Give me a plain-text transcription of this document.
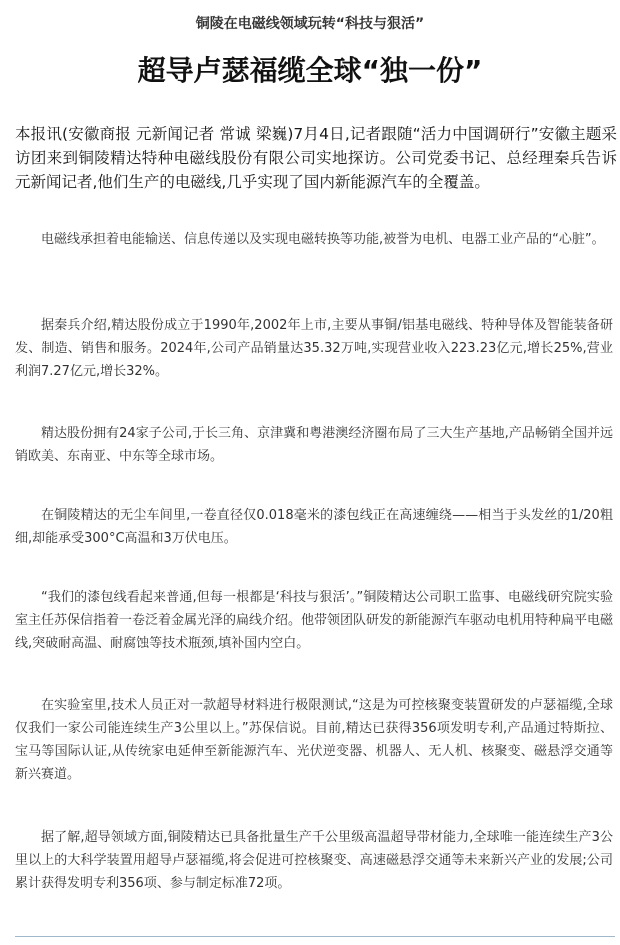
铜陵在电磁线领域玩转“科技与狠活”
超导卢瑟福缆全球“独一份”

本报讯(安徽商报 元新闻记者 常诚 梁巍)7月4日,记者跟随“活力中国调研行”安徽主题采访团来到铜陵精达特种电磁线股份有限公司实地探访。公司党委书记、总经理秦兵告诉元新闻记者,他们生产的电磁线,几乎实现了国内新能源汽车的全覆盖。

电磁线承担着电能输送、信息传递以及实现电磁转换等功能,被誉为电机、电器工业产品的“心脏”。

据秦兵介绍,精达股份成立于1990年,2002年上市,主要从事铜/铝基电磁线、特种导体及智能装备研发、制造、销售和服务。2024年,公司产品销量达35.32万吨,实现营业收入223.23亿元,增长25%,营业利润7.27亿元,增长32%。

精达股份拥有24家子公司,于长三角、京津冀和粤港澳经济圈布局了三大生产基地,产品畅销全国并远销欧美、东南亚、中东等全球市场。

在铜陵精达的无尘车间里,一卷直径仅0.018毫米的漆包线正在高速缠绕——相当于头发丝的1/20粗细,却能承受300°C高温和3万伏电压。

“我们的漆包线看起来普通,但每一根都是‘科技与狠活’。”铜陵精达公司职工监事、电磁线研究院实验室主任苏保信指着一卷泛着金属光泽的扁线介绍。他带领团队研发的新能源汽车驱动电机用特种扁平电磁线,突破耐高温、耐腐蚀等技术瓶颈,填补国内空白。

在实验室里,技术人员正对一款超导材料进行极限测试,“这是为可控核聚变装置研发的卢瑟福缆,全球仅我们一家公司能连续生产3公里以上。”苏保信说。目前,精达已获得356项发明专利,产品通过特斯拉、宝马等国际认证,从传统家电延伸至新能源汽车、光伏逆变器、机器人、无人机、核聚变、磁悬浮交通等新兴赛道。

据了解,超导领域方面,铜陵精达已具备批量生产千公里级高温超导带材能力,全球唯一能连续生产3公里以上的大科学装置用超导卢瑟福缆,将会促进可控核聚变、高速磁悬浮交通等未来新兴产业的发展;公司累计获得发明专利356项、参与制定标准72项。
